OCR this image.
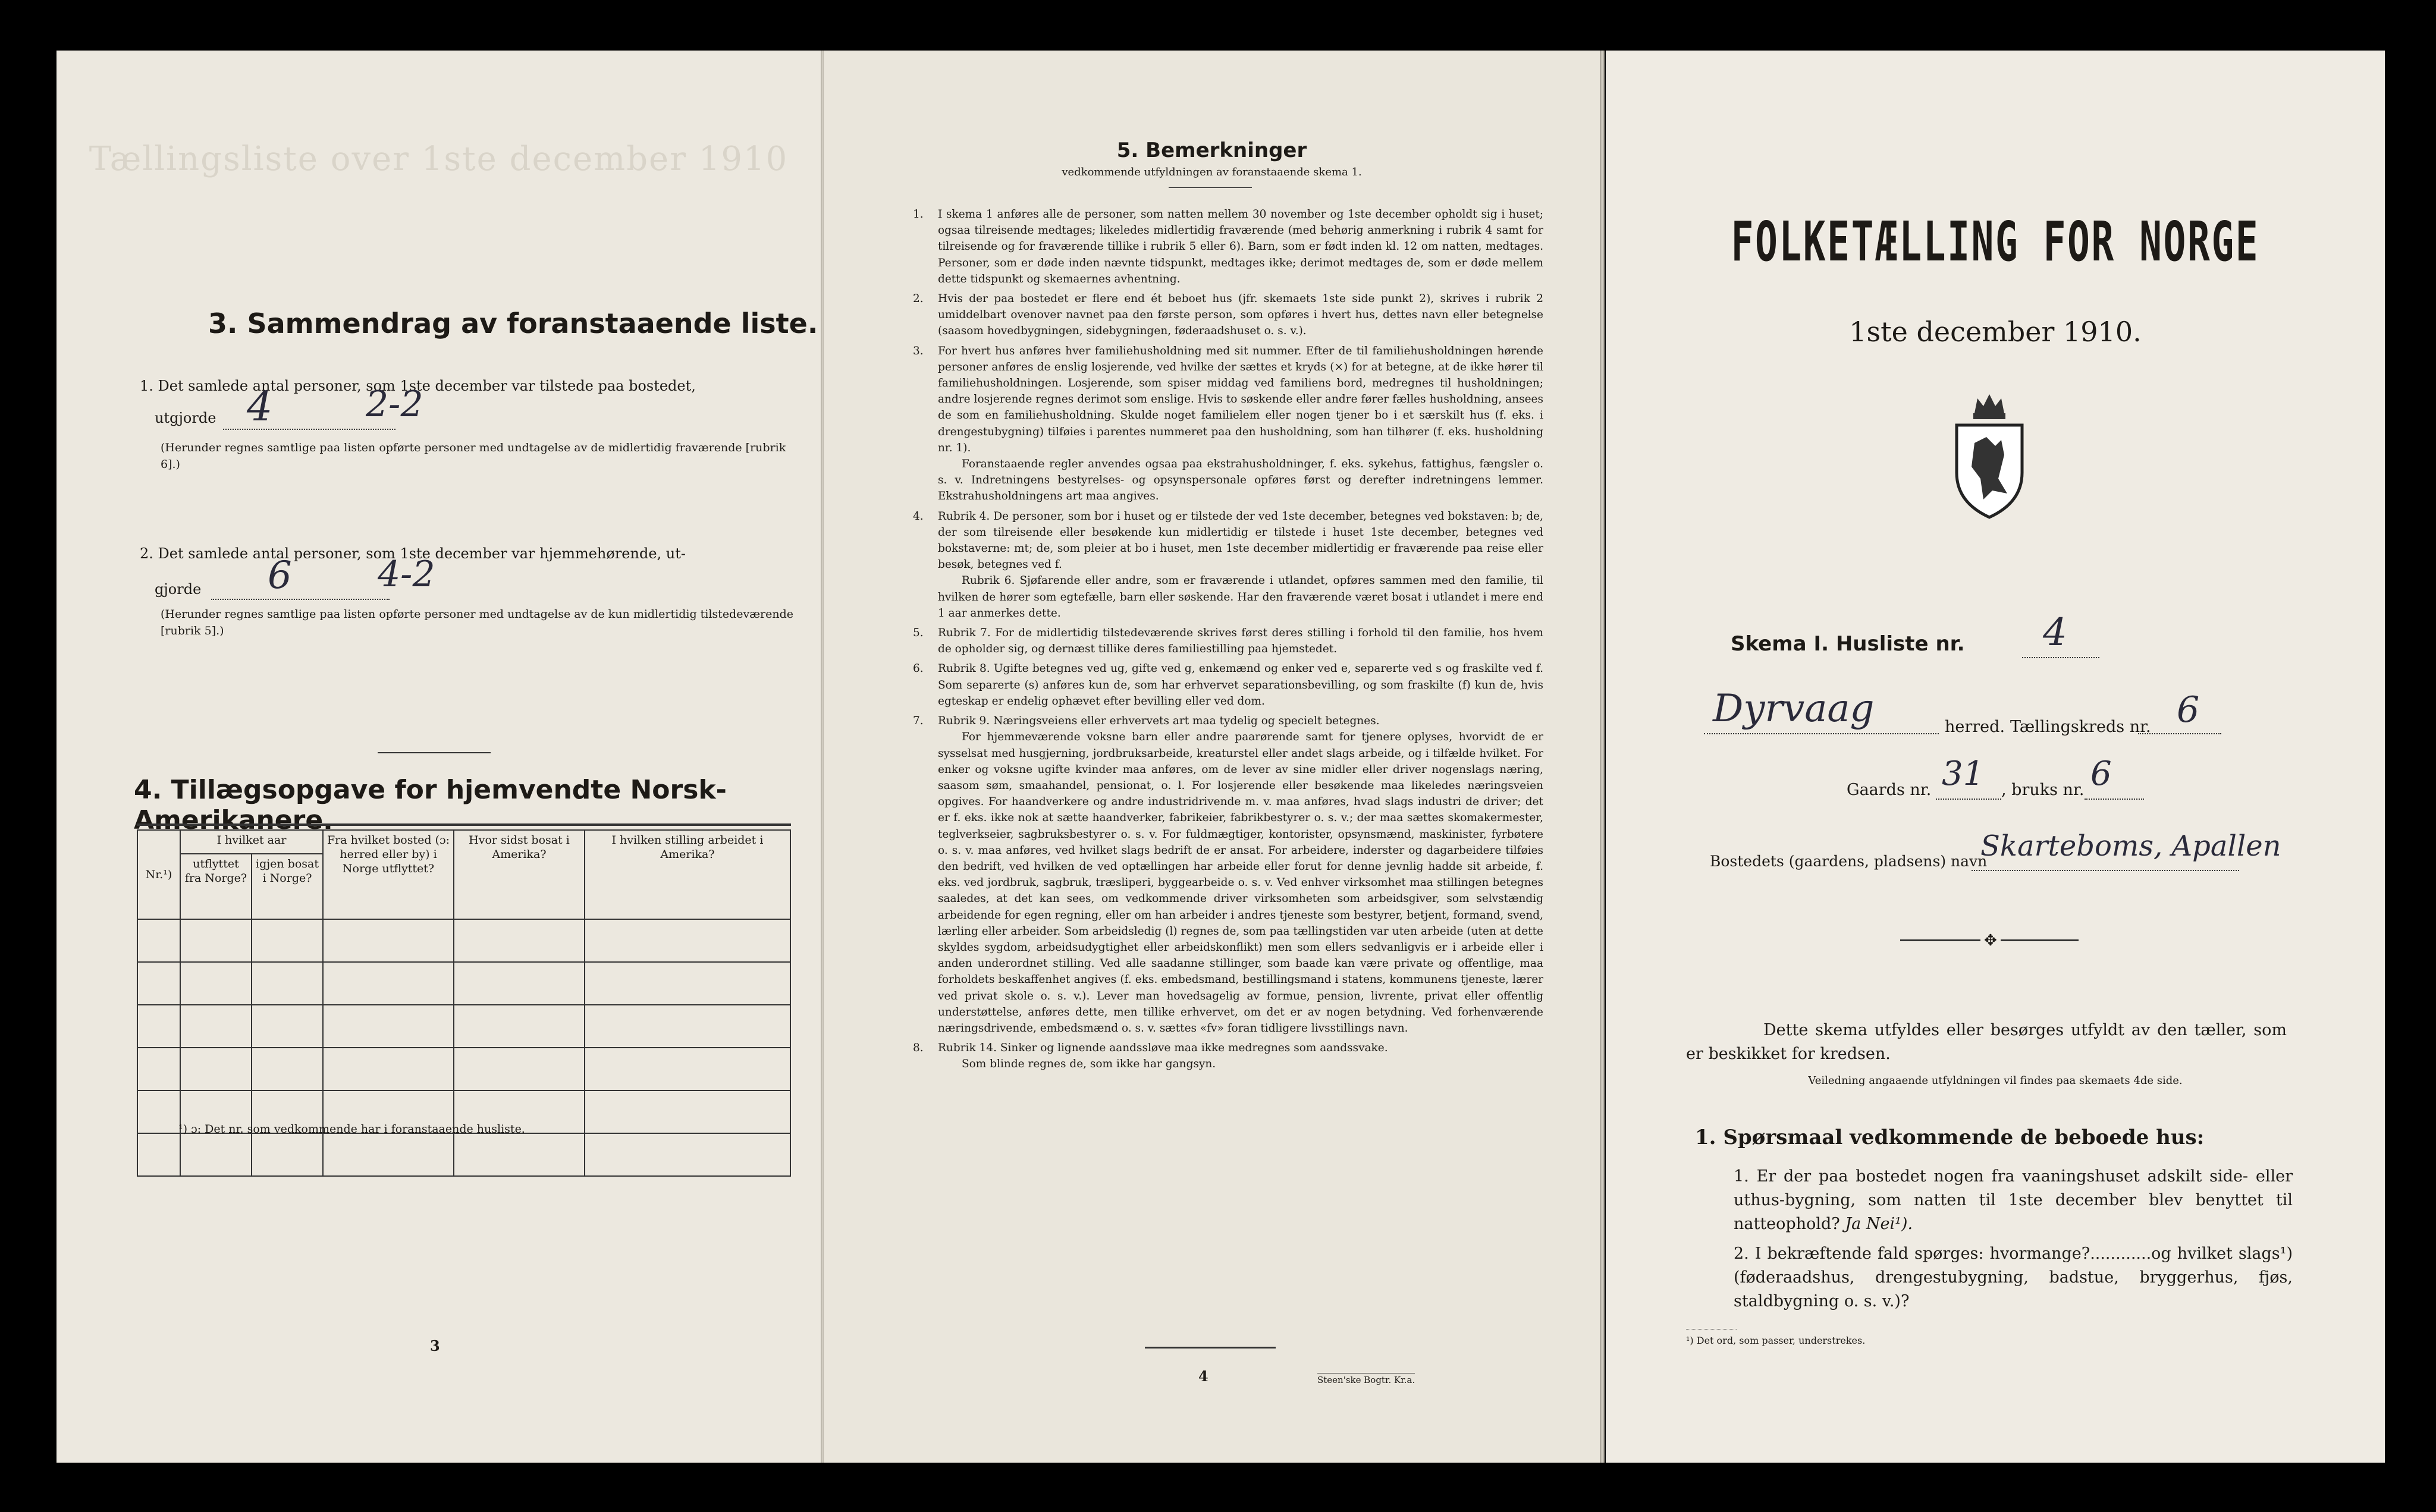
Tællingsliste over 1ste december 1910
3. Sammendrag av foranstaaende liste.
1. Det samlede antal personer, som 1ste december var tilstede paa bostedet,
utgjorde 4	2-2
(Herunder regnes samtlige paa listen opførte personer med undtagelse av de midlertidig fraværende [rubrik 6].)
2. Det samlede antal personer, som 1ste december var hjemmehørende, ut-
gjorde 6 4-2
(Herunder regnes samtlige paa listen opførte personer med undtagelse av de kun midlertidig tilstedeværende [rubrik 5].)
4. Tillægsopgave for hjemvendte Norsk-Amerikanere.
Nr.¹)	I hvilket aar		Fra hvilket bosted (ɔ: herred eller by) i Norge utflyttet?	Hvor sidst bosat i Amerika?	I hvilken stilling arbeidet i Amerika?
	utflyttet fra Norge?	igjen bosat i Norge?			

¹) ɔ: Det nr. som vedkommende har i foranstaaende husliste.
3
5. Bemerkninger
vedkommende utfyldningen av foranstaaende skema 1.
1. I skema 1 anføres alle de personer, som natten mellem 30 november og 1ste december opholdt sig i huset; ogsaa tilreisende medtages; likeledes midlertidig fraværende (med behørig anmerkning i rubrik 4 samt for tilreisende og for fraværende tillike i rubrik 5 eller 6). Barn, som er født inden kl. 12 om natten, medtages. Personer, som er døde inden nævnte tidspunkt, medtages ikke; derimot medtages de, som er døde mellem dette tidspunkt og skemaernes avhentning.
2. Hvis der paa bostedet er flere end ét beboet hus (jfr. skemaets 1ste side punkt 2), skrives i rubrik 2 umiddelbart ovenover navnet paa den første person, som opføres i hvert hus, dettes navn eller betegnelse (saasom hovedbygningen, sidebygningen, føderaadshuset o. s. v.).
3. For hvert hus anføres hver familiehusholdning med sit nummer. Efter de til familiehusholdningen hørende personer anføres de enslig losjerende, ved hvilke der sættes et kryds (×) for at betegne, at de ikke hører til familiehusholdningen. Losjerende, som spiser middag ved familiens bord, medregnes til husholdningen; andre losjerende regnes derimot som enslige. Hvis to søskende eller andre fører fælles husholdning, ansees de som en familiehusholdning. Skulde noget familielem eller nogen tjener bo i et særskilt hus (f. eks. i drengestubygning) tilføies i parentes nummeret paa den husholdning, som han tilhører (f. eks. husholdning nr. 1).
Foranstaaende regler anvendes ogsaa paa ekstrahusholdninger, f. eks. sykehus, fattighus, fængsler o. s. v. Indretningens bestyrelses- og opsynspersonale opføres først og derefter indretningens lemmer. Ekstrahusholdningens art maa angives.
4. Rubrik 4. De personer, som bor i huset og er tilstede der ved 1ste december, betegnes ved bokstaven: b; de, der som tilreisende eller besøkende kun midlertidig er tilstede i huset 1ste december, betegnes ved bokstaverne: mt; de, som pleier at bo i huset, men 1ste december midlertidig er fraværende paa reise eller besøk, betegnes ved f.
Rubrik 6. Sjøfarende eller andre, som er fraværende i utlandet, opføres sammen med den familie, til hvilken de hører som egtefælle, barn eller søskende. Har den fraværende været bosat i utlandet i mere end 1 aar anmerkes dette.
5. Rubrik 7. For de midlertidig tilstedeværende skrives først deres stilling i forhold til den familie, hos hvem de opholder sig, og dernæst tillike deres familiestilling paa hjemstedet.
6. Rubrik 8. Ugifte betegnes ved ug, gifte ved g, enkemænd og enker ved e, separerte ved s og fraskilte ved f. Som separerte (s) anføres kun de, som har erhvervet separationsbevilling, og som fraskilte (f) kun de, hvis egteskap er endelig ophævet efter bevilling eller ved dom.
7. Rubrik 9. Næringsveiens eller erhvervets art maa tydelig og specielt betegnes.
For hjemmeværende voksne barn eller andre paarørende samt for tjenere oplyses, hvorvidt de er sysselsat med husgjerning, jordbruksarbeide, kreaturstel eller andet slags arbeide, og i tilfælde hvilket. For enker og voksne ugifte kvinder maa anføres, om de lever av sine midler eller driver nogenslags næring, saasom søm, smaahandel, pensionat, o. l. For losjerende eller besøkende maa likeledes næringsveien opgives. For haandverkere og andre industridrivende m. v. maa anføres, hvad slags industri de driver; det er f. eks. ikke nok at sætte haandverker, fabrikeier, fabrikbestyrer o. s. v.; der maa sættes skomakermester, teglverkseier, sagbruksbestyrer o. s. v. For fuldmægtiger, kontorister, opsynsmænd, maskinister, fyrbøtere o. s. v. maa anføres, ved hvilket slags bedrift de er ansat. For arbeidere, inderster og dagarbeidere tilføies den bedrift, ved hvilken de ved optællingen har arbeide eller forut for denne jevnlig hadde sit arbeide, f. eks. ved jordbruk, sagbruk, træsliperi, byggearbeide o. s. v. Ved enhver virksomhet maa stillingen betegnes saaledes, at det kan sees, om vedkommende driver virksomheten som arbeidsgiver, som selvstændig arbeidende for egen regning, eller om han arbeider i andres tjeneste som bestyrer, betjent, formand, svend, lærling eller arbeider. Som arbeidsledig (l) regnes de, som paa tællingstiden var uten arbeide (uten at dette skyldes sygdom, arbeidsudygtighet eller arbeidskonflikt) men som ellers sedvanligvis er i arbeide eller i anden underordnet stilling. Ved alle saadanne stillinger, som baade kan være private og offentlige, maa forholdets beskaffenhet angives (f. eks. embedsmand, bestillingsmand i statens, kommunens tjeneste, lærer ved privat skole o. s. v.). Lever man hovedsagelig av formue, pension, livrente, privat eller offentlig understøttelse, anføres dette, men tillike erhvervet, om det er av nogen betydning. Ved forhenværende næringsdrivende, embedsmænd o. s. v. sættes «fv» foran tidligere livsstillings navn.
8. Rubrik 14. Sinker og lignende aandssløve maa ikke medregnes som aandssvake.
Som blinde regnes de, som ikke har gangsyn.
4	Steen'ske Bogtr. Kr.a.
FOLKETÆLLING FOR NORGE
1ste december 1910.
Skema I. Husliste nr. 4
Dyrvaag	herred. Tællingskreds nr. 6
Gaards nr. 31 , bruks nr. 6
Bostedets (gaardens, pladsens) navn
Skarteboms, Apallen
✥
Dette skema utfyldes eller besørges utfyldt av den tæller, som er beskikket for kredsen.
Veiledning angaaende utfyldningen vil findes paa skemaets 4de side.
1. Spørsmaal vedkommende de beboede hus:
1. Er der paa bostedet nogen fra vaaningshuset adskilt side- eller uthus-bygning, som natten til 1ste december blev benyttet til natteophold? Ja Nei¹).
2. I bekræftende fald spørges: hvormange?............og hvilket slags¹) (føderaadshus, drengestubygning, badstue, bryggerhus, fjøs, staldbygning o. s. v.)?
¹) Det ord, som passer, understrekes.
